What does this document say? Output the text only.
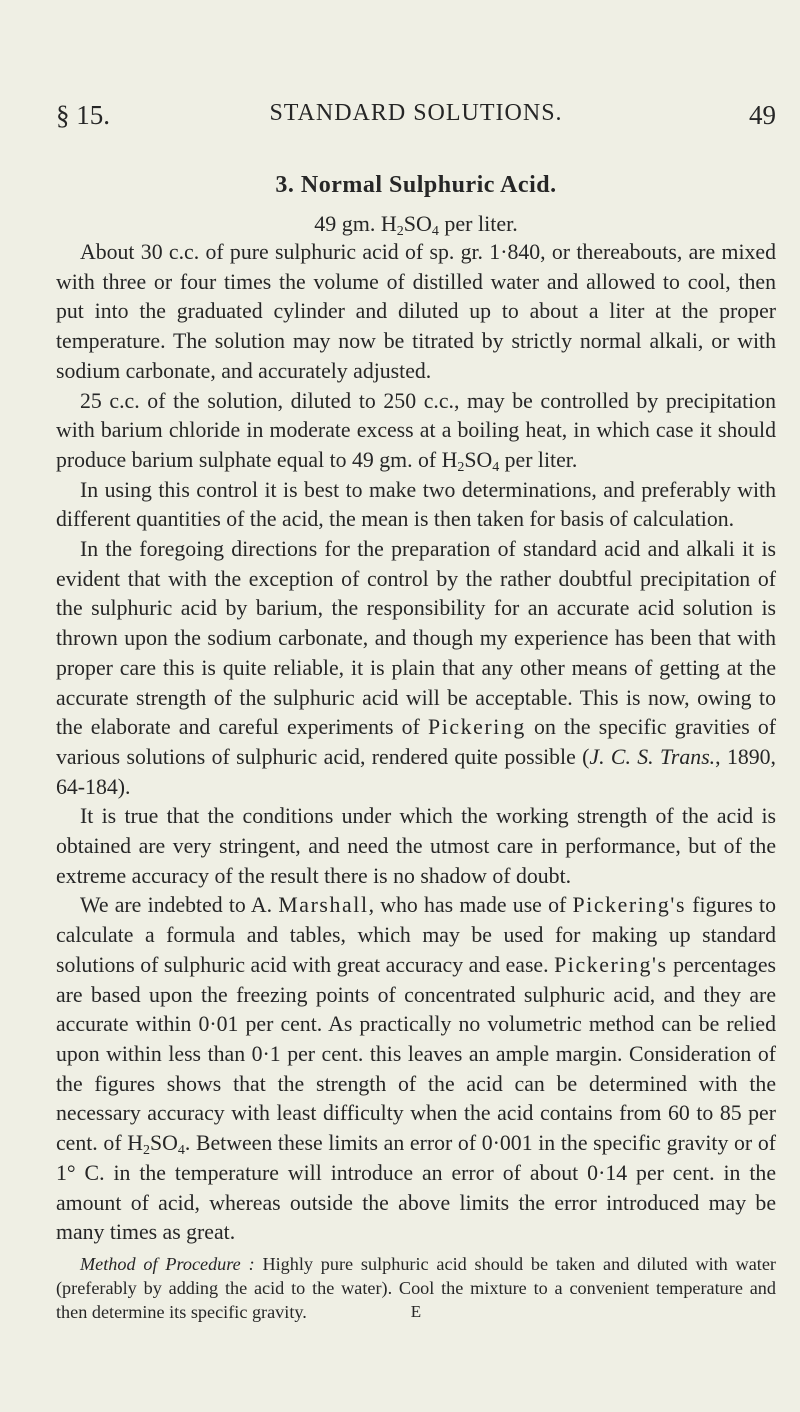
§ 15.	STANDARD SOLUTIONS.	49
3. Normal Sulphuric Acid.
49 gm. $H_2SO_4$ per liter.

About 30 c.c. of pure sulphuric acid of sp. gr. 1·840, or thereabouts, are mixed with three or four times the volume of distilled water and allowed to cool, then put into the graduated cylinder and diluted up to about a liter at the proper temperature. The solution may now be titrated by strictly normal alkali, or with sodium carbonate, and accurately adjusted.

25 c.c. of the solution, diluted to 250 c.c., may be controlled by precipitation with barium chloride in moderate excess at a boiling heat, in which case it should produce barium sulphate equal to 49 gm. of $H_2SO_4$ per liter.

In using this control it is best to make two determinations, and preferably with different quantities of the acid, the mean is then taken for basis of calculation.

In the foregoing directions for the preparation of standard acid and alkali it is evident that with the exception of control by the rather doubtful precipitation of the sulphuric acid by barium, the responsibility for an accurate acid solution is thrown upon the sodium carbonate, and though my experience has been that with proper care this is quite reliable, it is plain that any other means of getting at the accurate strength of the sulphuric acid will be acceptable. This is now, owing to the elaborate and careful experiments of Pickering on the specific gravities of various solutions of sulphuric acid, rendered quite possible (J. C. S. Trans., 1890, 64-184).

It is true that the conditions under which the working strength of the acid is obtained are very stringent, and need the utmost care in performance, but of the extreme accuracy of the result there is no shadow of doubt.

We are indebted to A. Marshall, who has made use of Pickering's figures to calculate a formula and tables, which may be used for making up standard solutions of sulphuric acid with great accuracy and ease. Pickering's percentages are based upon the freezing points of concentrated sulphuric acid, and they are accurate within 0·01 per cent. As practically no volumetric method can be relied upon within less than 0·1 per cent. this leaves an ample margin. Consideration of the figures shows that the strength of the acid can be determined with the necessary accuracy with least difficulty when the acid contains from 60 to 85 per cent. of $H_2SO_4$. Between these limits an error of 0·001 in the specific gravity or of 1° C. in the temperature will introduce an error of about 0·14 per cent. in the amount of acid, whereas outside the above limits the error introduced may be many times as great.

Method of Procedure : Highly pure sulphuric acid should be taken and diluted with water (preferably by adding the acid to the water). Cool the mixture to a convenient temperature and then determine its specific gravity.	E
